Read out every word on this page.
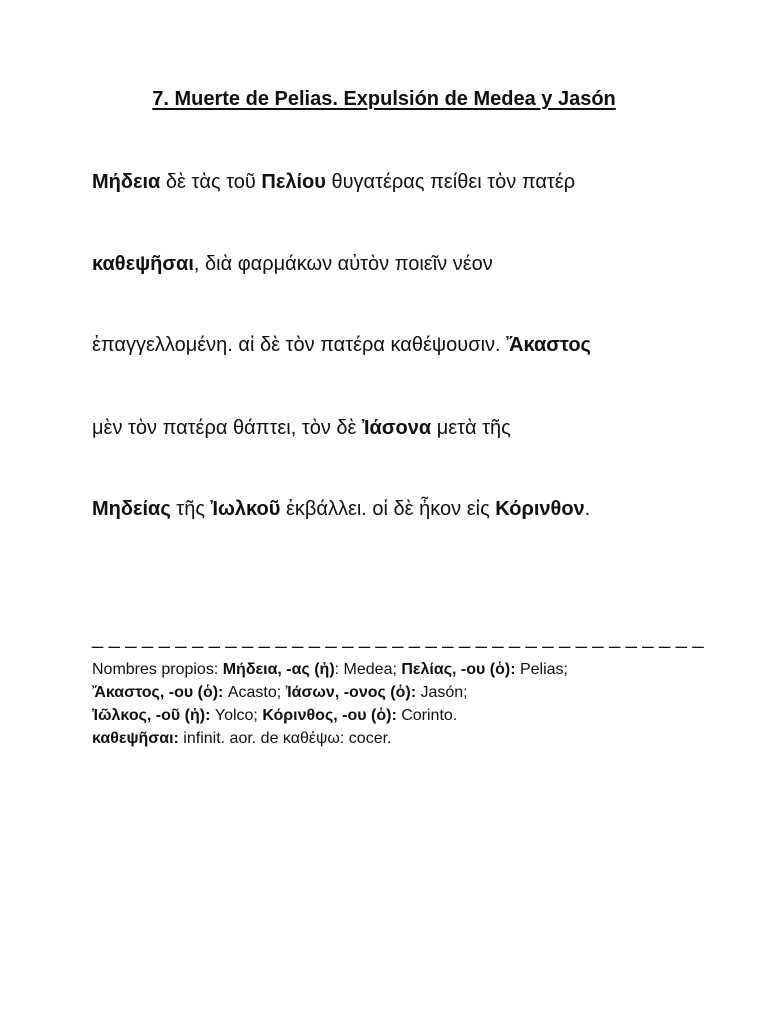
7. Muerte de Pelias. Expulsión de Medea y Jasón
Μήδεια δὲ τὰς τοῦ Πελίου θυγατέρας πείθει τὸν πατέρ
καθεψῆσαι, διὰ φαρμάκων αὐτὸν ποιεῖν νέον
ἐπαγγελλομένη. αἱ δὲ τὸν πατέρα καθέψουσιν. Ἄκαστος
μὲν τὸν πατέρα θάπτει, τὸν δὲ Ἰάσονα μετὰ τῆς
Μηδείας τῆς Ἰωλκοῦ ἐκβάλλει. οἱ δὲ ἧκον εἰς Κόρινθον.
_ _ _ _ _ _ _ _ _ _ _ _ _ _ _ _ _ _ _ _ _ _ _ _ _ _ _ _ _ _ _ _ _ _ _ _ _
Nombres propios: Μήδεια, -ας (ἡ): Medea; Πελίας, -ου (ὁ): Pelias;
Ἄκαστος, -ου (ὁ): Acasto; Ἰάσων, -ονος (ὁ): Jasón;
Ἰῶλκος, -οῦ (ἡ): Yolco; Κόρινθος, -ου (ὁ): Corinto.
καθεψῆσαι: infinit. aor. de καθέψω: cocer.
